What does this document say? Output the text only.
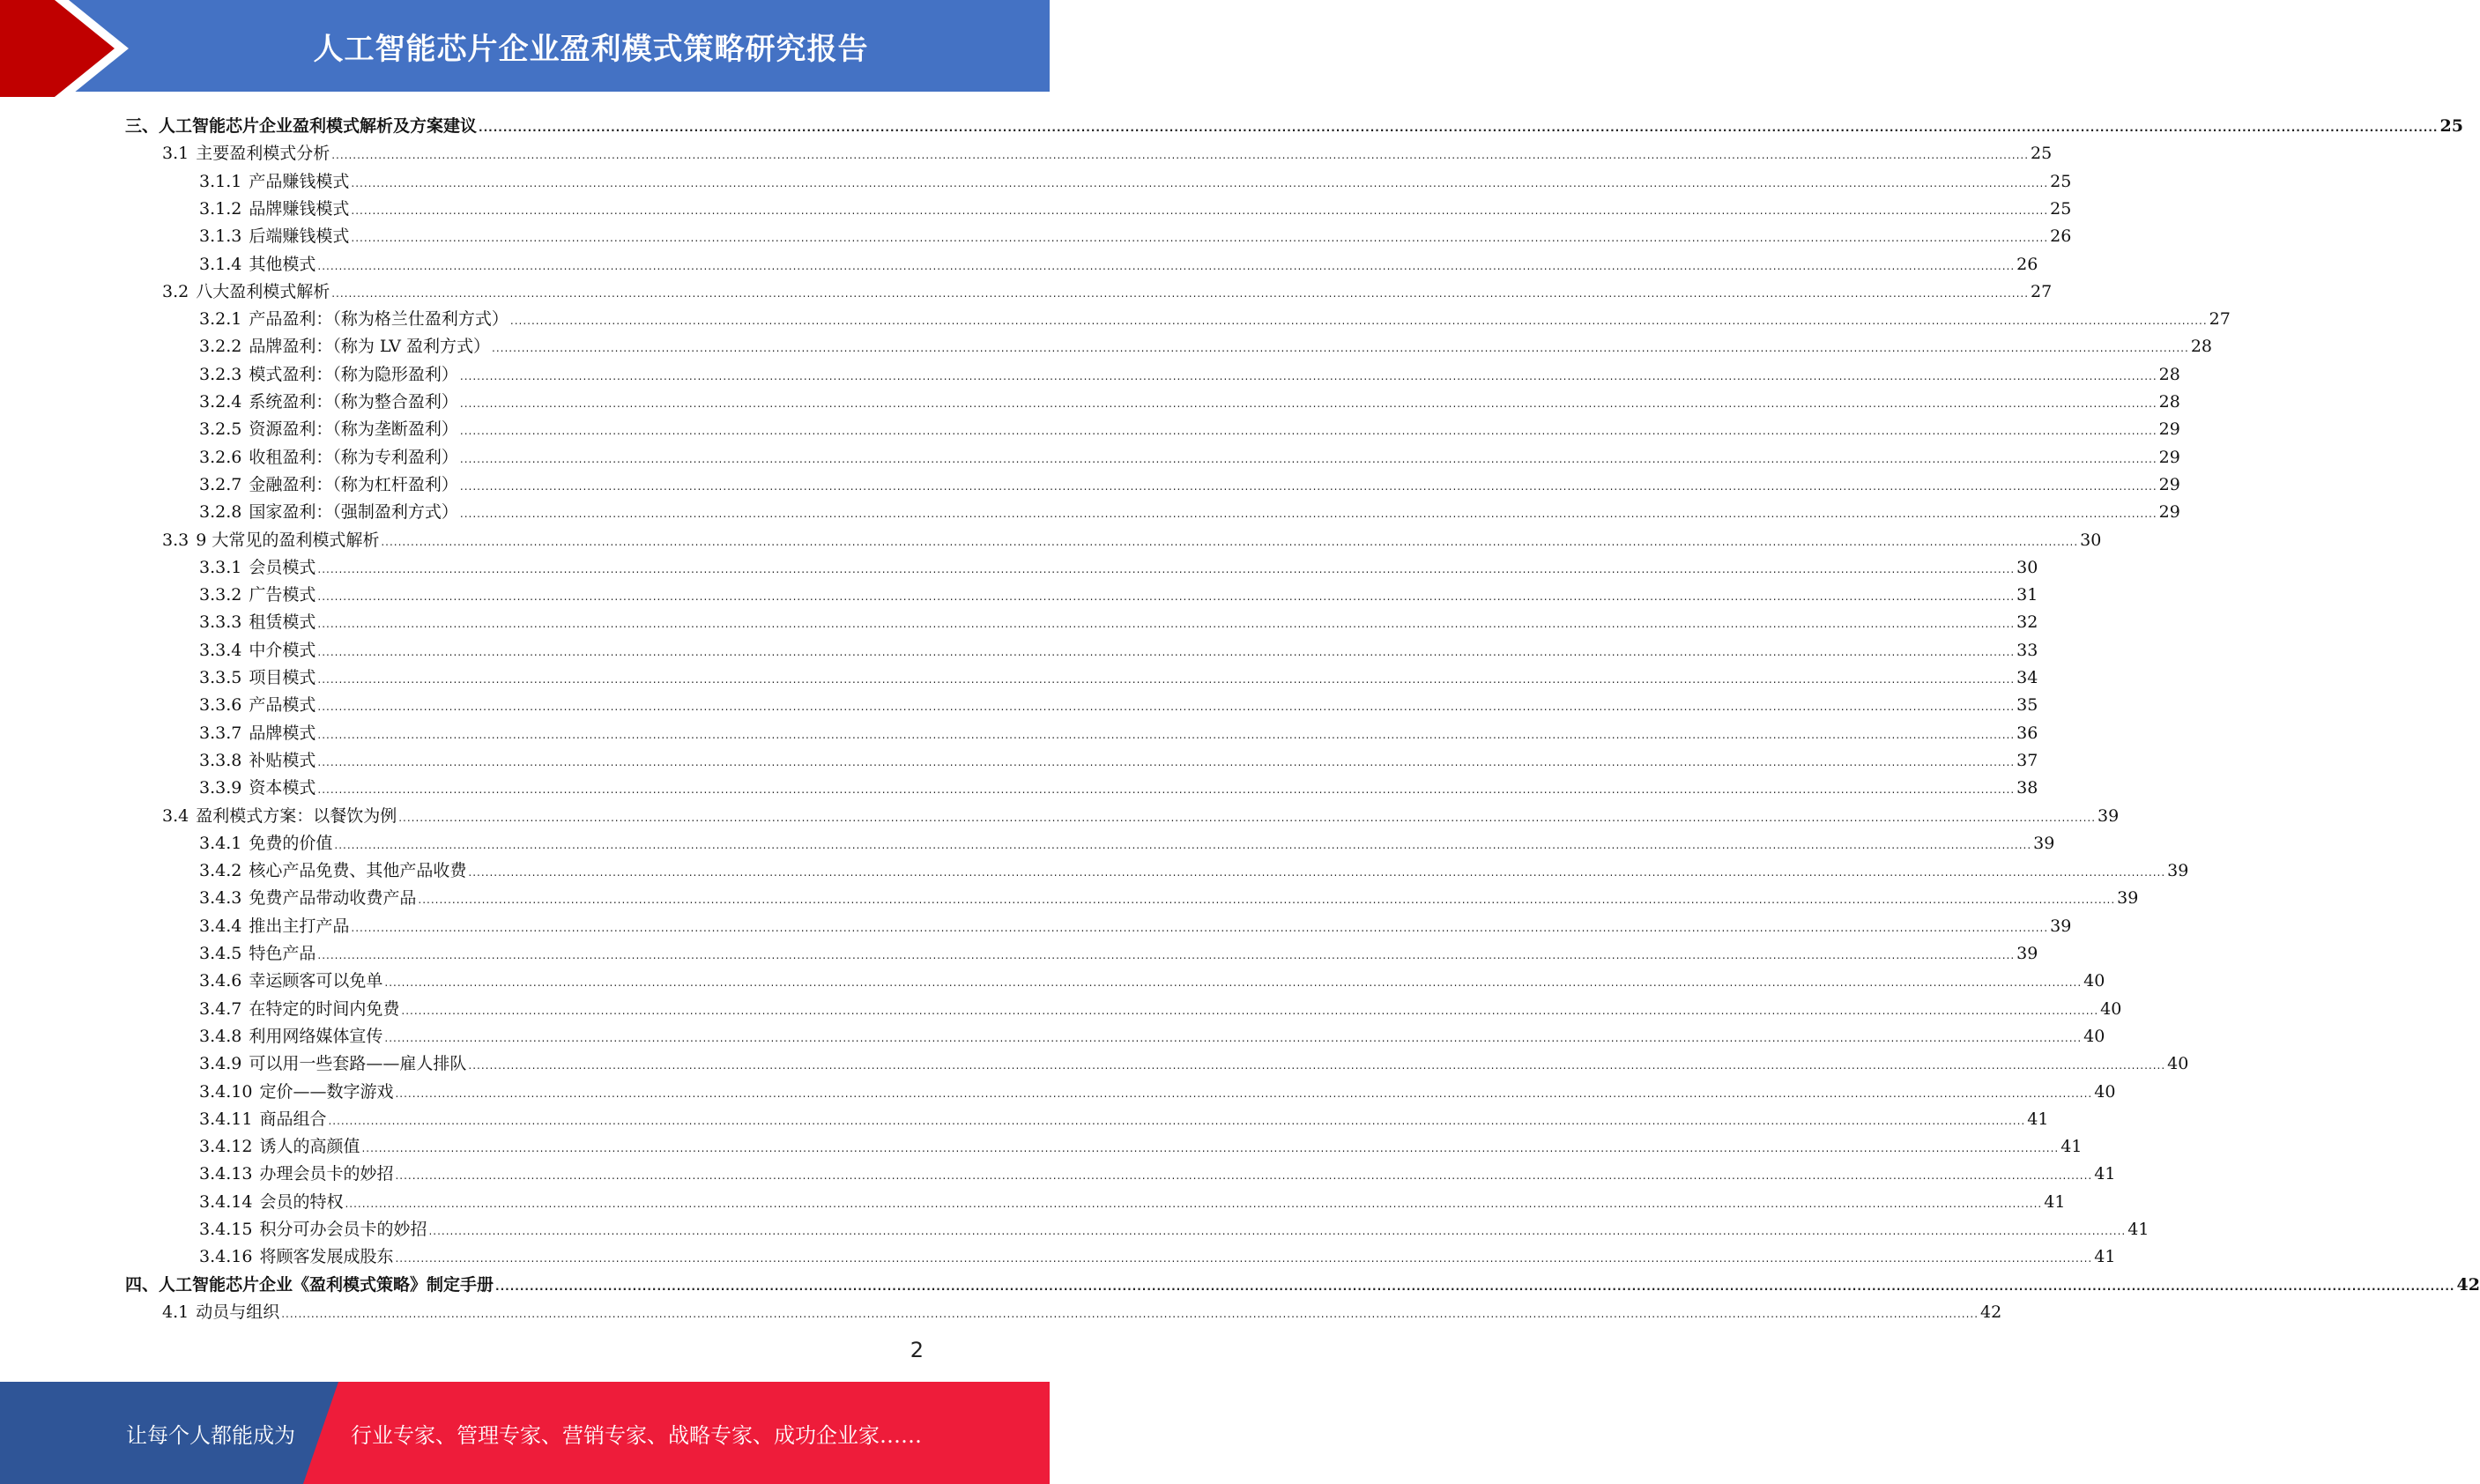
人工智能芯片企业盈利模式策略研究报告
三、 人工智能芯片企业盈利模式解析及方案建议 ................................................................................................................................................................................................................................................................................................................................................................................................................ 25
3.1 主要盈利模式分析 ................................................................................................................................................................................................................................................................................................................................................................................................................ 25
3.1.1 产品赚钱模式 ................................................................................................................................................................................................................................................................................................................................................................................................................ 25
3.1.2 品牌赚钱模式 ................................................................................................................................................................................................................................................................................................................................................................................................................ 25
3.1.3 后端赚钱模式 ................................................................................................................................................................................................................................................................................................................................................................................................................ 26
3.1.4 其他模式 ................................................................................................................................................................................................................................................................................................................................................................................................................ 26
3.2 八大盈利模式解析 ................................................................................................................................................................................................................................................................................................................................................................................................................ 27
3.2.1 产品盈利：（称为格兰仕盈利方式） ................................................................................................................................................................................................................................................................................................................................................................................................................ 27
3.2.2 品牌盈利：（称为 LV 盈利方式） ................................................................................................................................................................................................................................................................................................................................................................................................................ 28
3.2.3 模式盈利：（称为隐形盈利） ................................................................................................................................................................................................................................................................................................................................................................................................................ 28
3.2.4 系统盈利：（称为整合盈利） ................................................................................................................................................................................................................................................................................................................................................................................................................ 28
3.2.5 资源盈利：（称为垄断盈利） ................................................................................................................................................................................................................................................................................................................................................................................................................ 29
3.2.6 收租盈利：（称为专利盈利） ................................................................................................................................................................................................................................................................................................................................................................................................................ 29
3.2.7 金融盈利：（称为杠杆盈利） ................................................................................................................................................................................................................................................................................................................................................................................................................ 29
3.2.8 国家盈利：（强制盈利方式） ................................................................................................................................................................................................................................................................................................................................................................................................................ 29
3.3 9 大常见的盈利模式解析 ................................................................................................................................................................................................................................................................................................................................................................................................................ 30
3.3.1 会员模式 ................................................................................................................................................................................................................................................................................................................................................................................................................ 30
3.3.2 广告模式 ................................................................................................................................................................................................................................................................................................................................................................................................................ 31
3.3.3 租赁模式 ................................................................................................................................................................................................................................................................................................................................................................................................................ 32
3.3.4 中介模式 ................................................................................................................................................................................................................................................................................................................................................................................................................ 33
3.3.5 项目模式 ................................................................................................................................................................................................................................................................................................................................................................................................................ 34
3.3.6 产品模式 ................................................................................................................................................................................................................................................................................................................................................................................................................ 35
3.3.7 品牌模式 ................................................................................................................................................................................................................................................................................................................................................................................................................ 36
3.3.8 补贴模式 ................................................................................................................................................................................................................................................................................................................................................................................................................ 37
3.3.9 资本模式 ................................................................................................................................................................................................................................................................................................................................................................................................................ 38
3.4 盈利模式方案：以餐饮为例 ................................................................................................................................................................................................................................................................................................................................................................................................................ 39
3.4.1 免费的价值 ................................................................................................................................................................................................................................................................................................................................................................................................................ 39
3.4.2 核心产品免费、其他产品收费 ................................................................................................................................................................................................................................................................................................................................................................................................................ 39
3.4.3 免费产品带动收费产品 ................................................................................................................................................................................................................................................................................................................................................................................................................ 39
3.4.4 推出主打产品 ................................................................................................................................................................................................................................................................................................................................................................................................................ 39
3.4.5 特色产品 ................................................................................................................................................................................................................................................................................................................................................................................................................ 39
3.4.6 幸运顾客可以免单 ................................................................................................................................................................................................................................................................................................................................................................................................................ 40
3.4.7 在特定的时间内免费 ................................................................................................................................................................................................................................................................................................................................................................................................................ 40
3.4.8 利用网络媒体宣传 ................................................................................................................................................................................................................................................................................................................................................................................................................ 40
3.4.9 可以用一些套路——雇人排队 ................................................................................................................................................................................................................................................................................................................................................................................................................ 40
3.4.10 定价——数字游戏 ................................................................................................................................................................................................................................................................................................................................................................................................................ 40
3.4.11 商品组合 ................................................................................................................................................................................................................................................................................................................................................................................................................ 41
3.4.12 诱人的高颜值 ................................................................................................................................................................................................................................................................................................................................................................................................................ 41
3.4.13 办理会员卡的妙招 ................................................................................................................................................................................................................................................................................................................................................................................................................ 41
3.4.14 会员的特权 ................................................................................................................................................................................................................................................................................................................................................................................................................ 41
3.4.15 积分可办会员卡的妙招 ................................................................................................................................................................................................................................................................................................................................................................................................................ 41
3.4.16 将顾客发展成股东 ................................................................................................................................................................................................................................................................................................................................................................................................................ 41
四、 人工智能芯片企业《盈利模式策略》制定手册 ................................................................................................................................................................................................................................................................................................................................................................................................................ 42
4.1 动员与组织 ................................................................................................................................................................................................................................................................................................................................................................................................................ 42
2
让每个人都能成为	行业专家、管理专家、营销专家、战略专家、成功企业家……
